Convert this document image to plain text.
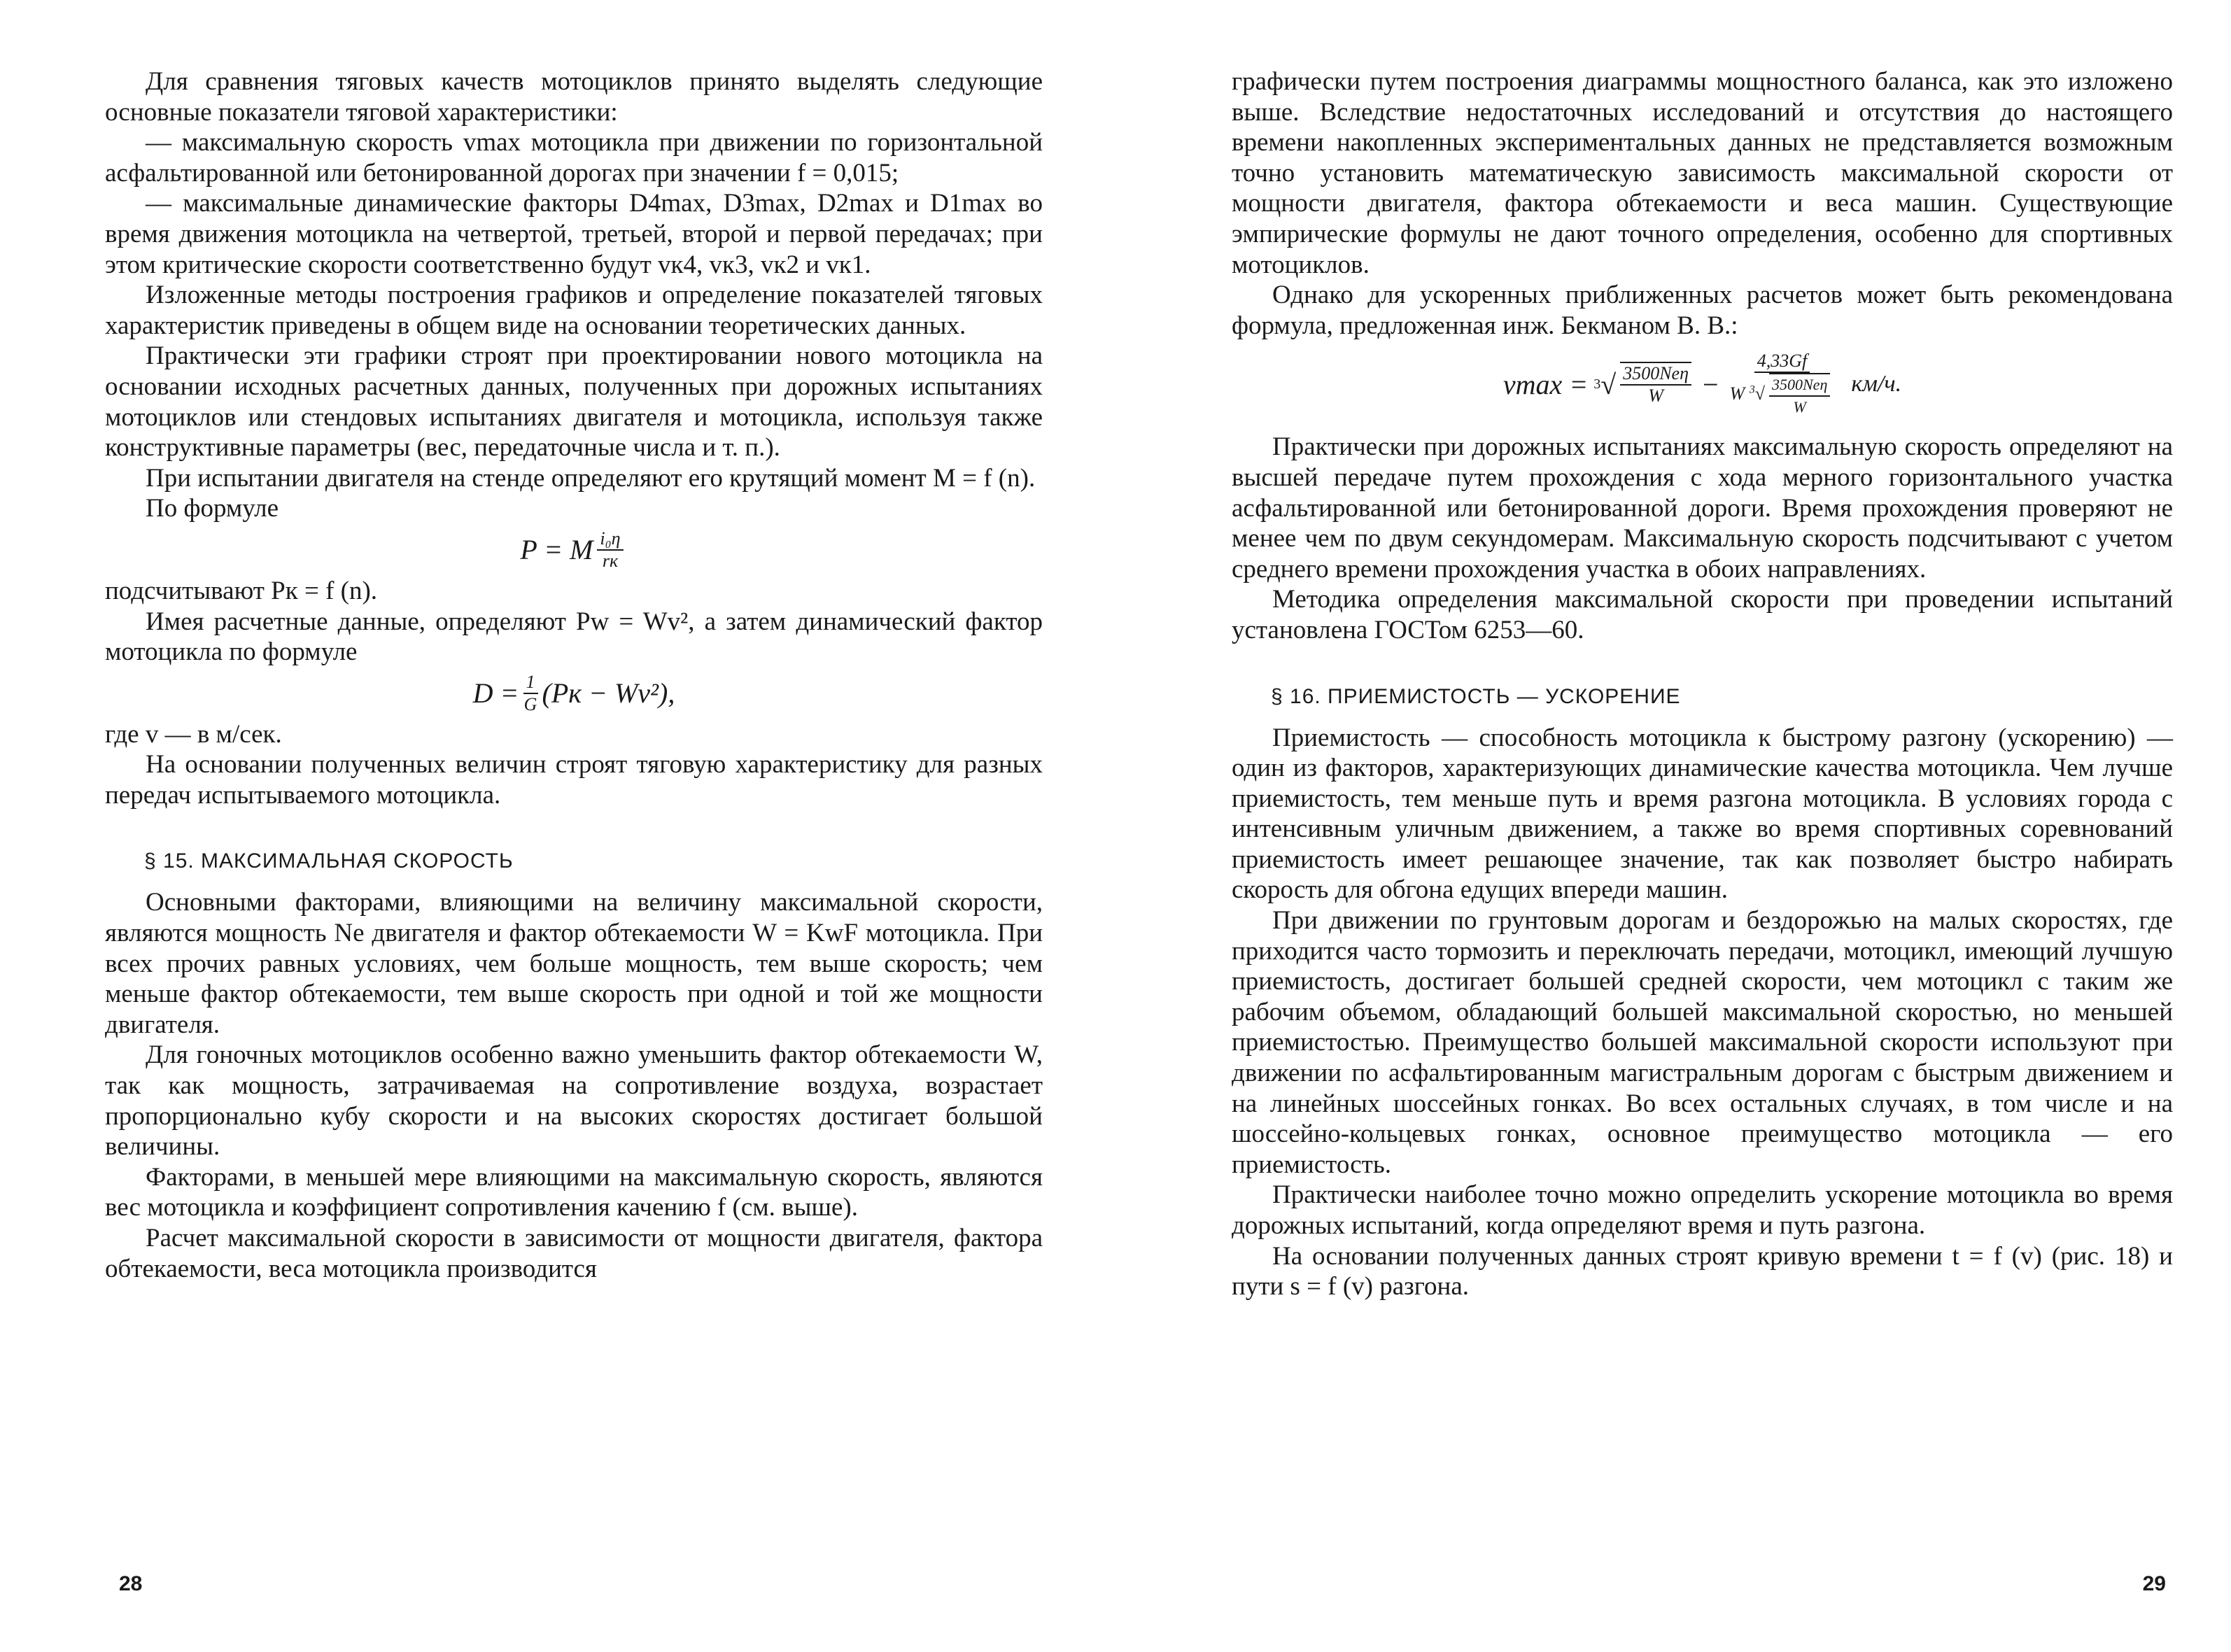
Для сравнения тяговых качеств мотоциклов принято выделять следующие основные показатели тяговой характеристики:

— максимальную скорость vmax мотоцикла при движении по горизонтальной асфальтированной или бетонированной дорогах при значении f = 0,015;

— максимальные динамические факторы D4max, D3max, D2max и D1max во время движения мотоцикла на четвертой, третьей, второй и первой передачах; при этом критические скорости соответственно будут vк4, vк3, vк2 и vк1.

Изложенные методы построения графиков и определение показателей тяговых характеристик приведены в общем виде на основании теоретических данных.

Практически эти графики строят при проектировании нового мотоцикла на основании исходных расчетных данных, полученных при дорожных испытаниях мотоциклов или стендовых испытаниях двигателя и мотоцикла, используя также конструктивные параметры (вес, передаточные числа и т. п.).

При испытании двигателя на стенде определяют его крутящий момент M = f (n).

По формуле

P = M $\frac{\text{i₀η}}{rк}$

подсчитывают Pк = f (n).

Имея расчетные данные, определяют Pw = Wv², а затем динамический фактор мотоцикла по формуле

$D = \frac{1}{G} (Pк - Wv^2)$,

где v — в м/сек.

На основании полученных величин строят тяговую характеристику для разных передач испытываемого мотоцикла.

§ 15. МАКСИМАЛЬНАЯ СКОРОСТЬ

Основными факторами, влияющими на величину максимальной скорости, являются мощность Ne двигателя и фактор обтекаемости W = KwF мотоцикла. При всех прочих равных условиях, чем больше мощность, тем выше скорость; чем меньше фактор обтекаемости, тем выше скорость при одной и той же мощности двигателя.

Для гоночных мотоциклов особенно важно уменьшить фактор обтекаемости W, так как мощность, затрачиваемая на сопротивление воздуха, возрастает пропорционально кубу скорости и на высоких скоростях достигает большой величины.

Факторами, в меньшей мере влияющими на максимальную скорость, являются вес мотоцикла и коэффициент сопротивления качению f (см. выше).

Расчет максимальной скорости в зависимости от мощности двигателя, фактора обтекаемости, веса мотоцикла производится

28

графически путем построения диаграммы мощностного баланса, как это изложено выше. Вследствие недостаточных исследований и отсутствия до настоящего времени накопленных экспериментальных данных не представляется возможным точно установить математическую зависимость максимальной скорости от мощности двигателя, фактора обтекаемости и веса машин. Существующие эмпирические формулы не дают точного определения, особенно для спортивных мотоциклов.

Однако для ускоренных приближенных расчетов может быть рекомендована формула, предложенная инж. Бекманом В. В.:

vmax = 3 √ $\frac{\text{3500Neη}}{W} - \frac{4,33Gf}{W ^3√ \frac{\text{3500Neη}}{W}} км/ч$.

Практически при дорожных испытаниях максимальную скорость определяют на высшей передаче путем прохождения с хода мерного горизонтального участка асфальтированной или бетонированной дороги. Время прохождения проверяют не менее чем по двум секундомерам. Максимальную скорость подсчитывают с учетом среднего времени прохождения участка в обоих направлениях.

Методика определения максимальной скорости при проведении испытаний установлена ГОСТом 6253—60.

§ 16. ПРИЕМИСТОСТЬ — УСКОРЕНИЕ

Приемистость — способность мотоцикла к быстрому разгону (ускорению) — один из факторов, характеризующих динамические качества мотоцикла. Чем лучше приемистость, тем меньше путь и время разгона мотоцикла. В условиях города с интенсивным уличным движением, а также во время спортивных соревнований приемистость имеет решающее значение, так как позволяет быстро набирать скорость для обгона едущих впереди машин.

При движении по грунтовым дорогам и бездорожью на малых скоростях, где приходится часто тормозить и переключать передачи, мотоцикл, имеющий лучшую приемистость, достигает большей средней скорости, чем мотоцикл с таким же рабочим объемом, обладающий большей максимальной скоростью, но меньшей приемистостью. Преимущество большей максимальной скорости используют при движении по асфальтированным магистральным дорогам с быстрым движением и на линейных шоссейных гонках. Во всех остальных случаях, в том числе и на шоссейно-кольцевых гонках, основное преимущество мотоцикла — его приемистость.

Практически наиболее точно можно определить ускорение мотоцикла во время дорожных испытаний, когда определяют время и путь разгона.

На основании полученных данных строят кривую времени t = f (v) (рис. 18) и пути s = f (v) разгона.

29
